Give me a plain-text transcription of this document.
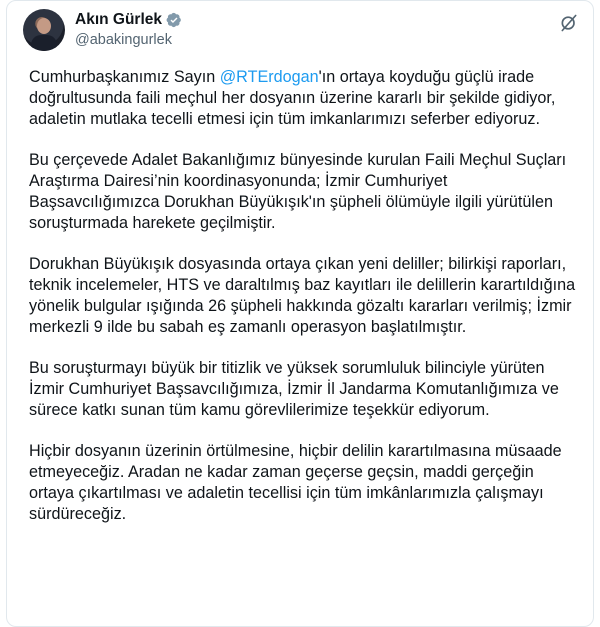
Akın Gürlek
@abakingurlek

Cumhurbaşkanımız Sayın @RTErdogan'ın ortaya koyduğu güçlü irade doğrultusunda faili meçhul her dosyanın üzerine kararlı bir şekilde gidiyor, adaletin mutlaka tecelli etmesi için tüm imkanlarımızı seferber ediyoruz.

Bu çerçevede Adalet Bakanlığımız bünyesinde kurulan Faili Meçhul Suçları Araştırma Dairesi’nin koordinasyonunda; İzmir Cumhuriyet Başsavcılığımızca Dorukhan Büyükışık'ın şüpheli ölümüyle ilgili yürütülen soruşturmada harekete geçilmiştir.

Dorukhan Büyükışık dosyasında ortaya çıkan yeni deliller; bilirkişi raporları, teknik incelemeler, HTS ve daraltılmış baz kayıtları ile delillerin karartıldığına yönelik bulgular ışığında 26 şüpheli hakkında gözaltı kararları verilmiş; İzmir merkezli 9 ilde bu sabah eş zamanlı operasyon başlatılmıştır.

Bu soruşturmayı büyük bir titizlik ve yüksek sorumluluk bilinciyle yürüten İzmir Cumhuriyet Başsavcılığımıza, İzmir İl Jandarma Komutanlığımıza ve sürece katkı sunan tüm kamu görevlilerimize teşekkür ediyorum.

Hiçbir dosyanın üzerinin örtülmesine, hiçbir delilin karartılmasına müsaade etmeyeceğiz. Aradan ne kadar zaman geçerse geçsin, maddi gerçeğin ortaya çıkartılması ve adaletin tecellisi için tüm imkânlarımızla çalışmayı sürdüreceğiz.
